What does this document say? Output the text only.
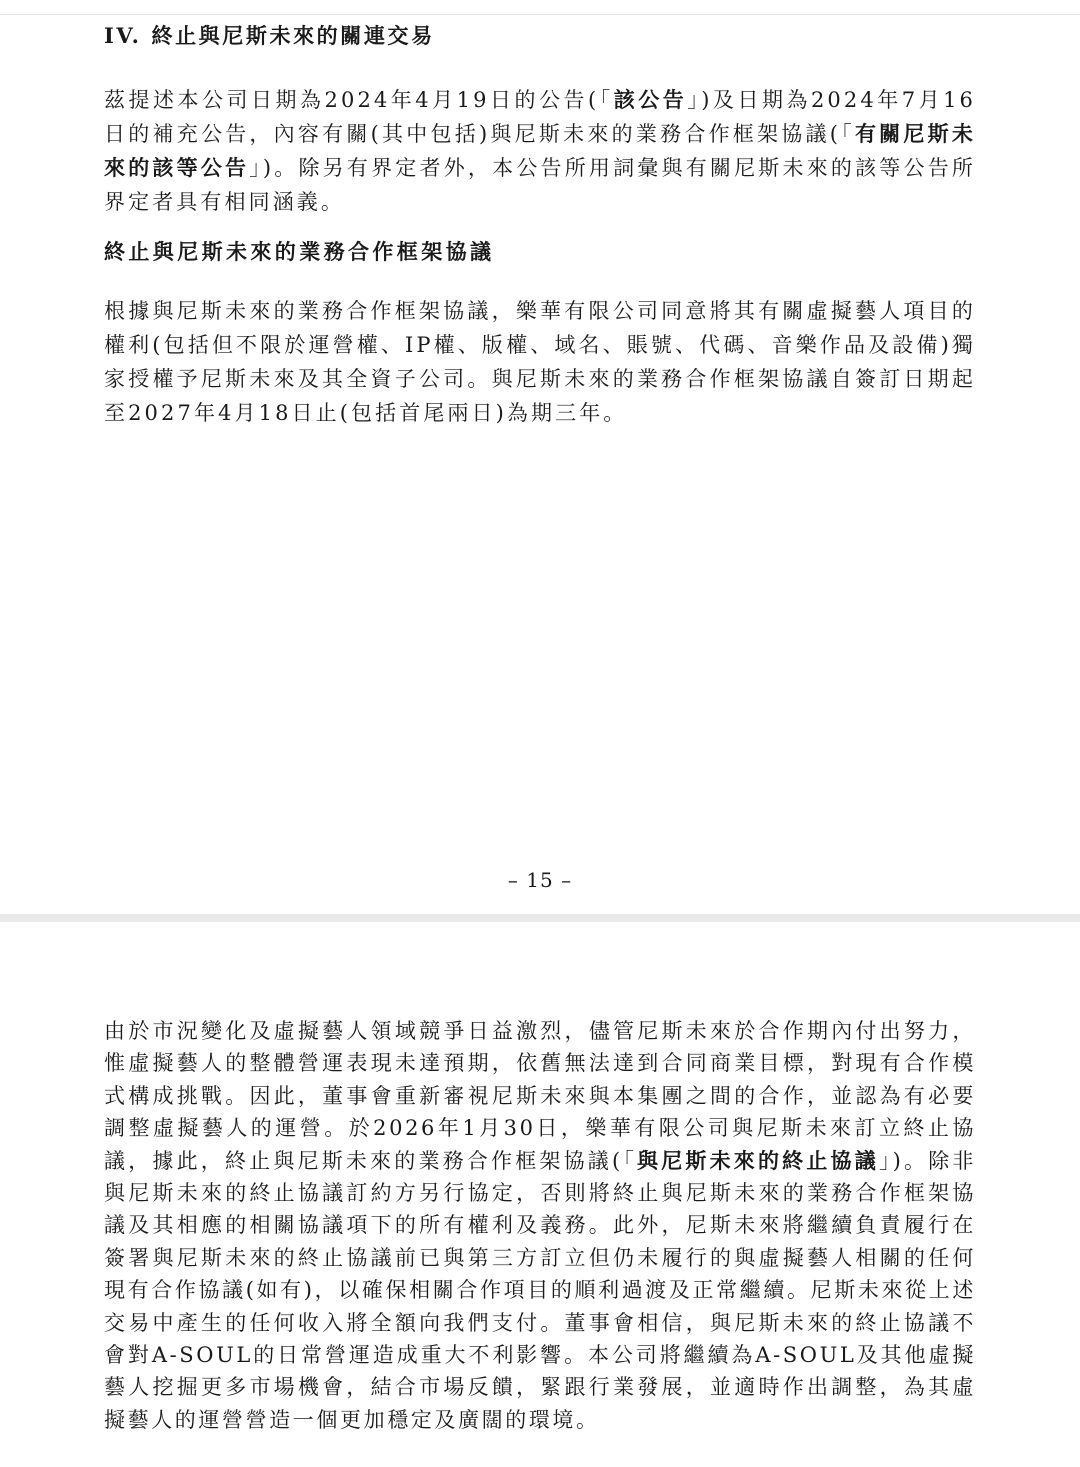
IV. 終止與尼斯未來的關連交易

茲提述本公司日期為2024年4月19日的公告(「該公告」)及日期為2024年7月16日的補充公告，內容有關(其中包括)與尼斯未來的業務合作框架協議(「有關尼斯未來的該等公告」)。除另有界定者外，本公告所用詞彙與有關尼斯未來的該等公告所界定者具有相同涵義。

終止與尼斯未來的業務合作框架協議

根據與尼斯未來的業務合作框架協議，樂華有限公司同意將其有關虛擬藝人項目的權利(包括但不限於運營權、IP權、版權、域名、賬號、代碼、音樂作品及設備)獨家授權予尼斯未來及其全資子公司。與尼斯未來的業務合作框架協議自簽訂日期起至2027年4月18日止(包括首尾兩日)為期三年。

– 15 –

由於市況變化及虛擬藝人領域競爭日益激烈，儘管尼斯未來於合作期內付出努力，惟虛擬藝人的整體營運表現未達預期，依舊無法達到合同商業目標，對現有合作模式構成挑戰。因此，董事會重新審視尼斯未來與本集團之間的合作，並認為有必要調整虛擬藝人的運營。於2026年1月30日，樂華有限公司與尼斯未來訂立終止協議，據此，終止與尼斯未來的業務合作框架協議(「與尼斯未來的終止協議」)。除非與尼斯未來的終止協議訂約方另行協定，否則將終止與尼斯未來的業務合作框架協議及其相應的相關協議項下的所有權利及義務。此外，尼斯未來將繼續負責履行在簽署與尼斯未來的終止協議前已與第三方訂立但仍未履行的與虛擬藝人相關的任何現有合作協議(如有)，以確保相關合作項目的順利過渡及正常繼續。尼斯未來從上述交易中產生的任何收入將全額向我們支付。董事會相信，與尼斯未來的終止協議不會對A-SOUL的日常營運造成重大不利影響。本公司將繼續為A-SOUL及其他虛擬藝人挖掘更多市場機會，結合市場反饋，緊跟行業發展，並適時作出調整，為其虛擬藝人的運營營造一個更加穩定及廣闊的環境。
